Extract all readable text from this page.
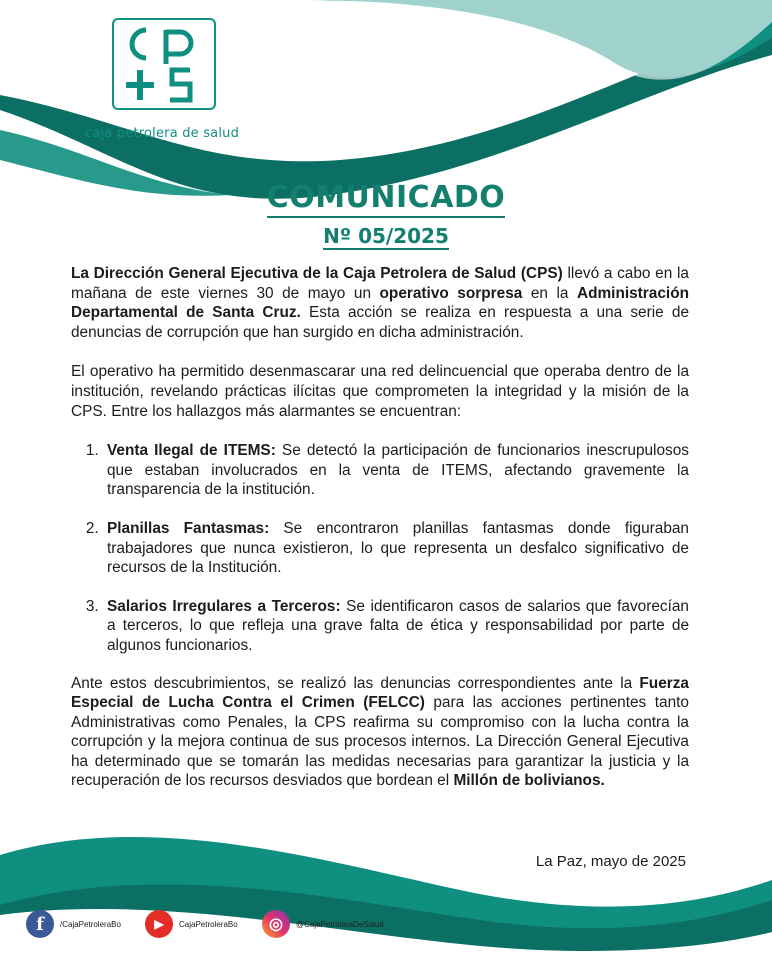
caja petrolera de salud
COMUNICADO
Nº 05/2025

La Dirección General Ejecutiva de la Caja Petrolera de Salud (CPS) llevó a cabo en la mañana de este viernes 30 de mayo un operativo sorpresa en la Administración Departamental de Santa Cruz. Esta acción se realiza en respuesta a una serie de denuncias de corrupción que han surgido en dicha administración.

El operativo ha permitido desenmascarar una red delincuencial que operaba dentro de la institución, revelando prácticas ilícitas que comprometen la integridad y la misión de la CPS. Entre los hallazgos más alarmantes se encuentran:

1. Venta Ilegal de ITEMS: Se detectó la participación de funcionarios inescrupulosos que estaban involucrados en la venta de ITEMS, afectando gravemente la transparencia de la institución.
2. Planillas Fantasmas: Se encontraron planillas fantasmas donde figuraban trabajadores que nunca existieron, lo que representa un desfalco significativo de recursos de la Institución.
3. Salarios Irregulares a Terceros: Se identificaron casos de salarios que favorecían a terceros, lo que refleja una grave falta de ética y responsabilidad por parte de algunos funcionarios.

Ante estos descubrimientos, se realizó las denuncias correspondientes ante la Fuerza Especial de Lucha Contra el Crimen (FELCC) para las acciones pertinentes tanto Administrativas como Penales, la CPS reafirma su compromiso con la lucha contra la corrupción y la mejora continua de sus procesos internos. La Dirección General Ejecutiva ha determinado que se tomarán las medidas necesarias para garantizar la justicia y la recuperación de los recursos desviados que bordean el Millón de bolivianos.

La Paz, mayo de 2025
f	/CajaPetroleraBo	▶	CajaPetroleraBo	◎	@CajaPetroleraDeSalud
